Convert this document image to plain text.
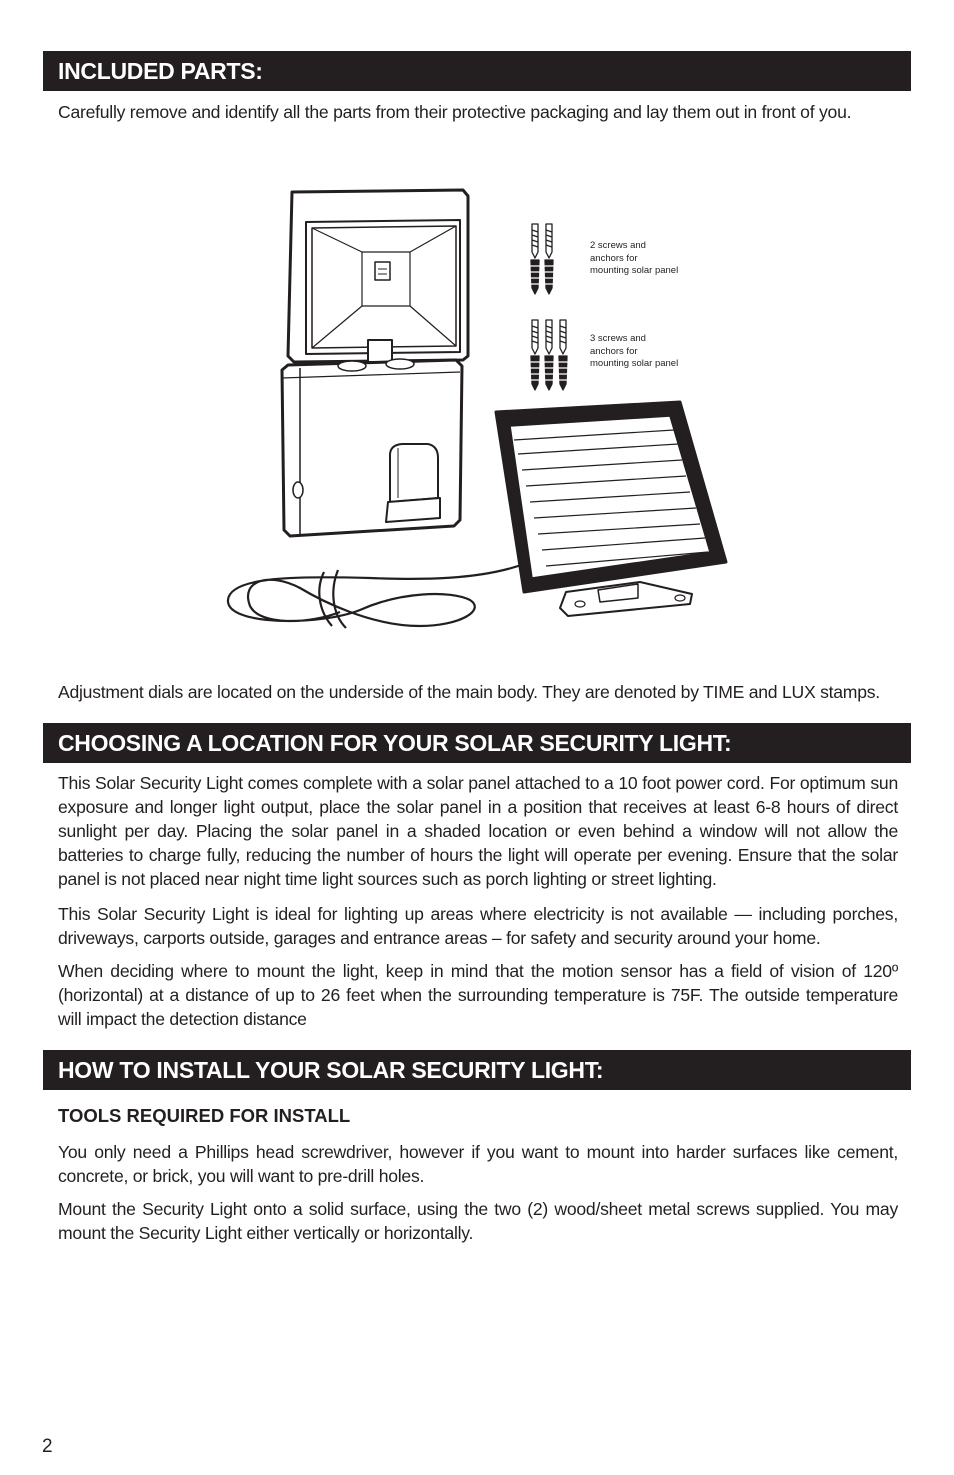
INCLUDED PARTS:

Carefully remove and identify all the parts from their protective packaging and lay them out in front of you.

2 screws and
anchors for
mounting solar panel
3 screws and
anchors for
mounting solar panel

Adjustment dials are located on the underside of the main body. They are denoted by TIME and LUX stamps.

CHOOSING A LOCATION FOR YOUR SOLAR SECURITY LIGHT:

This Solar Security Light comes complete with a solar panel attached to a 10 foot power cord. For optimum sun exposure and longer light output, place the solar panel in a position that receives at least 6-8 hours of direct sunlight per day. Placing the solar panel in a shaded location or even behind a window will not allow the batteries to charge fully, reducing the number of hours the light will operate per evening. Ensure that the solar panel is not placed near night time light sources such as porch lighting or street lighting.

This Solar Security Light is ideal for lighting up areas where electricity is not available — including porches, driveways, carports outside, garages and entrance areas – for safety and security around your home.

When deciding where to mount the light, keep in mind that the motion sensor has a field of vision of 120º (horizontal) at a distance of up to 26 feet when the surrounding temperature is 75F. The outside temperature will impact the detection distance

HOW TO INSTALL YOUR SOLAR SECURITY LIGHT:
TOOLS REQUIRED FOR INSTALL

You only need a Phillips head screwdriver, however if you want to mount into harder surfaces like cement, concrete, or brick, you will want to pre-drill holes.

Mount the Security Light onto a solid surface, using the two (2) wood/sheet metal screws supplied. You may mount the Security Light either vertically or horizontally.

2
